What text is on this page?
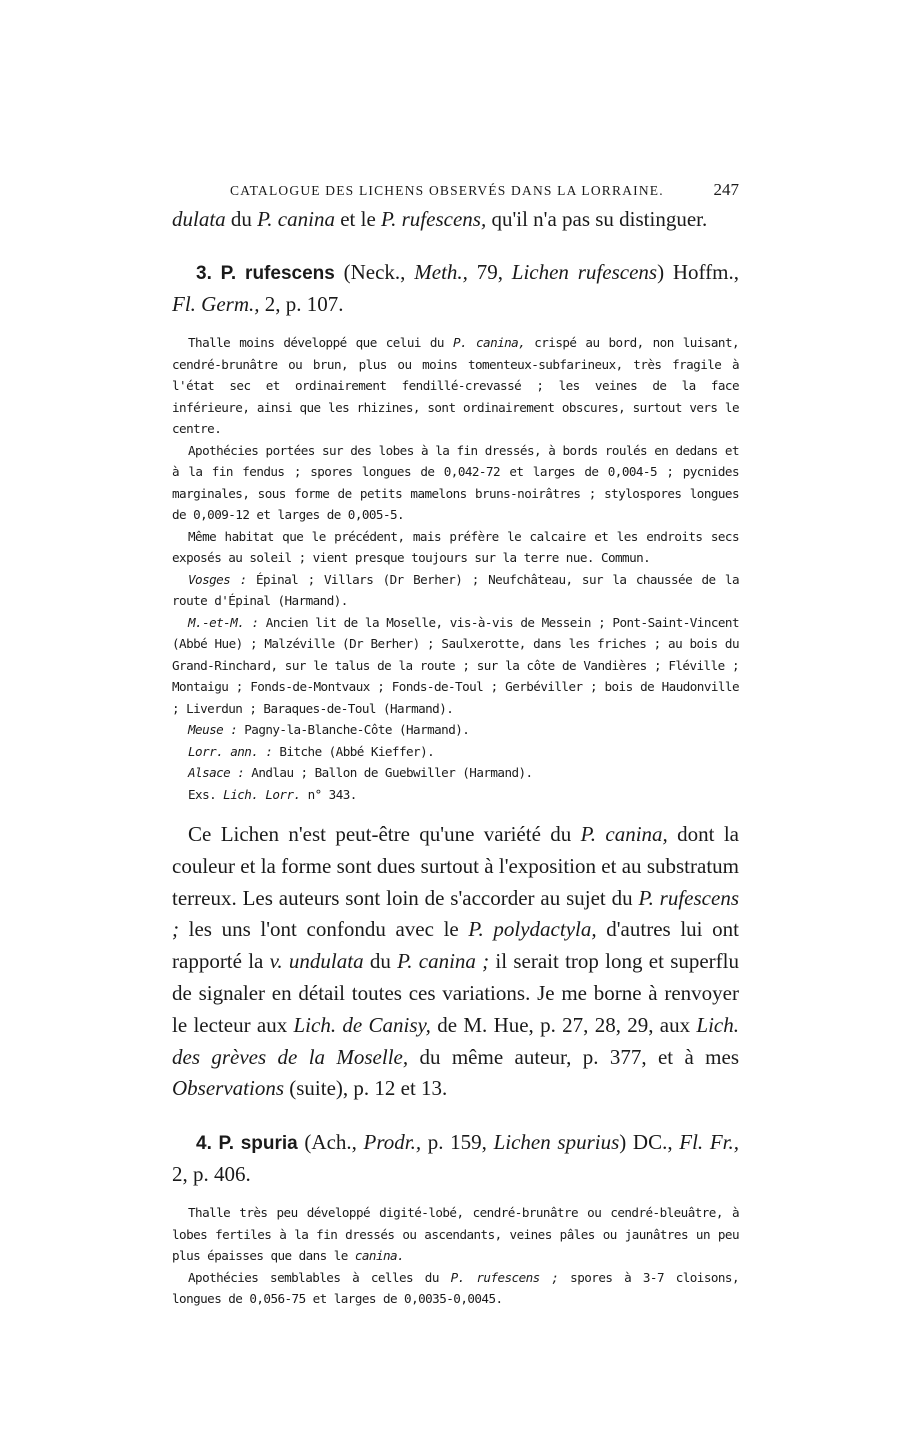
CATALOGUE DES LICHENS OBSERVÉS DANS LA LORRAINE.	247

dulata du P. canina et le P. rufescens, qu'il n'a pas su distinguer.

3. P. rufescens (Neck., Meth., 79, Lichen rufescens) Hoffm., Fl. Germ., 2, p. 107.

Thalle moins développé que celui du P. canina, crispé au bord, non luisant, cendré-brunâtre ou brun, plus ou moins tomenteux-subfarineux, très fragile à l'état sec et ordinairement fendillé-crevassé ; les veines de la face inférieure, ainsi que les rhizines, sont ordinairement obscures, surtout vers le centre.

Apothécies portées sur des lobes à la fin dressés, à bords roulés en dedans et à la fin fendus ; spores longues de 0,042-72 et larges de 0,004-5 ; pycnides marginales, sous forme de petits mamelons bruns-noirâtres ; stylospores longues de 0,009-12 et larges de 0,005-5.

Même habitat que le précédent, mais préfère le calcaire et les endroits secs exposés au soleil ; vient presque toujours sur la terre nue. Commun.

Vosges : Épinal ; Villars (Dr Berher) ; Neufchâteau, sur la chaussée de la route d'Épinal (Harmand).

M.-et-M. : Ancien lit de la Moselle, vis-à-vis de Messein ; Pont-Saint-Vincent (Abbé Hue) ; Malzéville (Dr Berher) ; Saulxerotte, dans les friches ; au bois du Grand-Rinchard, sur le talus de la route ; sur la côte de Vandières ; Fléville ; Montaigu ; Fonds-de-Montvaux ; Fonds-de-Toul ; Gerbéviller ; bois de Haudonville ; Liverdun ; Baraques-de-Toul (Harmand).

Meuse : Pagny-la-Blanche-Côte (Harmand).

Lorr. ann. : Bitche (Abbé Kieffer).

Alsace : Andlau ; Ballon de Guebwiller (Harmand).

Exs. Lich. Lorr. n° 343.

Ce Lichen n'est peut-être qu'une variété du P. canina, dont la couleur et la forme sont dues surtout à l'exposition et au substratum terreux. Les auteurs sont loin de s'accorder au sujet du P. rufescens ; les uns l'ont confondu avec le P. polydactyla, d'autres lui ont rapporté la v. undulata du P. canina ; il serait trop long et superflu de signaler en détail toutes ces variations. Je me borne à renvoyer le lecteur aux Lich. de Canisy, de M. Hue, p. 27, 28, 29, aux Lich. des grèves de la Moselle, du même auteur, p. 377, et à mes Observations (suite), p. 12 et 13.

4. P. spuria (Ach., Prodr., p. 159, Lichen spurius) DC., Fl. Fr., 2, p. 406.

Thalle très peu développé digité-lobé, cendré-brunâtre ou cendré-bleuâtre, à lobes fertiles à la fin dressés ou ascendants, veines pâles ou jaunâtres un peu plus épaisses que dans le canina.

Apothécies semblables à celles du P. rufescens ; spores à 3-7 cloisons, longues de 0,056-75 et larges de 0,0035-0,0045.
